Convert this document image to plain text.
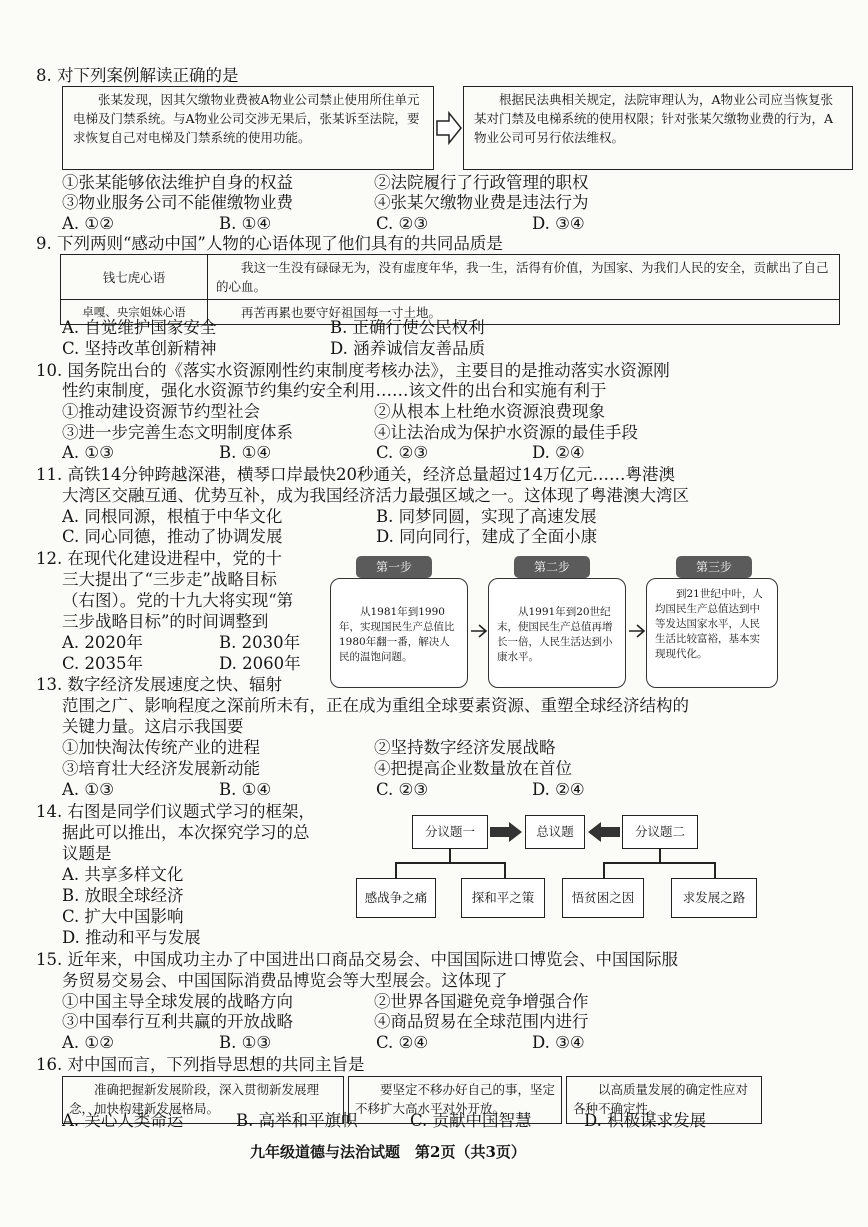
8. 对下列案例解读正确的是
张某发现，因其欠缴物业费被A物业公司禁止使用所住单元电梯及门禁系统。与A物业公司交涉无果后，张某诉至法院，要求恢复自己对电梯及门禁系统的使用功能。
根据民法典相关规定，法院审理认为，A物业公司应当恢复张某对门禁及电梯系统的使用权限；针对张某欠缴物业费的行为，A物业公司可另行依法维权。
①张某能够依法维护自身的权益	②法院履行了行政管理的职权
③物业服务公司不能催缴物业费	④张某欠缴物业费是违法行为
A. ①②	B. ①④	C. ②③	D. ③④
9. 下列两则“感动中国”人物的心语体现了他们具有的共同品质是
钱七虎心语	我这一生没有碌碌无为，没有虚度年华，我一生，活得有价值，为国家、为我们人民的安全，贡献出了自己的心血。
卓嘎、央宗姐妹心语	再苦再累也要守好祖国每一寸土地。
A. 自觉维护国家安全	B. 正确行使公民权利
C. 坚持改革创新精神	D. 涵养诚信友善品质
10. 国务院出台的《落实水资源刚性约束制度考核办法》，主要目的是推动落实水资源刚
性约束制度，强化水资源节约集约安全利用……该文件的出台和实施有利于
①推动建设资源节约型社会	②从根本上杜绝水资源浪费现象
③进一步完善生态文明制度体系	④让法治成为保护水资源的最佳手段
A. ①③	B. ①④	C. ②③	D. ②④
11. 高铁14分钟跨越深港，横琴口岸最快20秒通关，经济总量超过14万亿元……粤港澳
大湾区交融互通、优势互补，成为我国经济活力最强区域之一。这体现了粤港澳大湾区
A. 同根同源，根植于中华文化	B. 同梦同圆，实现了高速发展
C. 同心同德，推动了协调发展	D. 同向同行，建成了全面小康
12. 在现代化建设进程中，党的十
三大提出了“三步走”战略目标
（右图）。党的十九大将实现“第
三步战略目标”的时间调整到
A. 2020年	B. 2030年
C. 2035年	D. 2060年
从1981年到1990年，实现国民生产总值比1980年翻一番，解决人民的温饱问题。
第一步
从1991年到20世纪末，使国民生产总值再增长一倍，人民生活达到小康水平。
第二步
到21世纪中叶，人均国民生产总值达到中等发达国家水平，人民生活比较富裕，基本实现现代化。
第三步
13. 数字经济发展速度之快、辐射
范围之广、影响程度之深前所未有，正在成为重组全球要素资源、重塑全球经济结构的
关键力量。这启示我国要
①加快淘汰传统产业的进程	②坚持数字经济发展战略
③培育壮大经济发展新动能	④把提高企业数量放在首位
A. ①③	B. ①④	C. ②③	D. ②④
14. 右图是同学们议题式学习的框架，
据此可以推出，本次探究学习的总
议题是
A. 共享多样文化
B. 放眼全球经济
C. 扩大中国影响
D. 推动和平与发展
分议题一	总议题	分议题二
感战争之痛	探和平之策	悟贫困之因	求发展之路
15. 近年来，中国成功主办了中国进出口商品交易会、中国国际进口博览会、中国国际服
务贸易交易会、中国国际消费品博览会等大型展会。这体现了
①中国主导全球发展的战略方向	②世界各国避免竞争增强合作
③中国奉行互利共赢的开放战略	④商品贸易在全球范围内进行
A. ①②	B. ①③	C. ②④	D. ③④
16. 对中国而言，下列指导思想的共同主旨是
准确把握新发展阶段，深入贯彻新发展理念，加快构建新发展格局。
要坚定不移办好自己的事，坚定不移扩大高水平对外开放。
以高质量发展的确定性应对各种不确定性。
A. 关心人类命运	B. 高举和平旗帜	C. 贡献中国智慧	D. 积极谋求发展
九年级道德与法治试题　第2页（共3页）
